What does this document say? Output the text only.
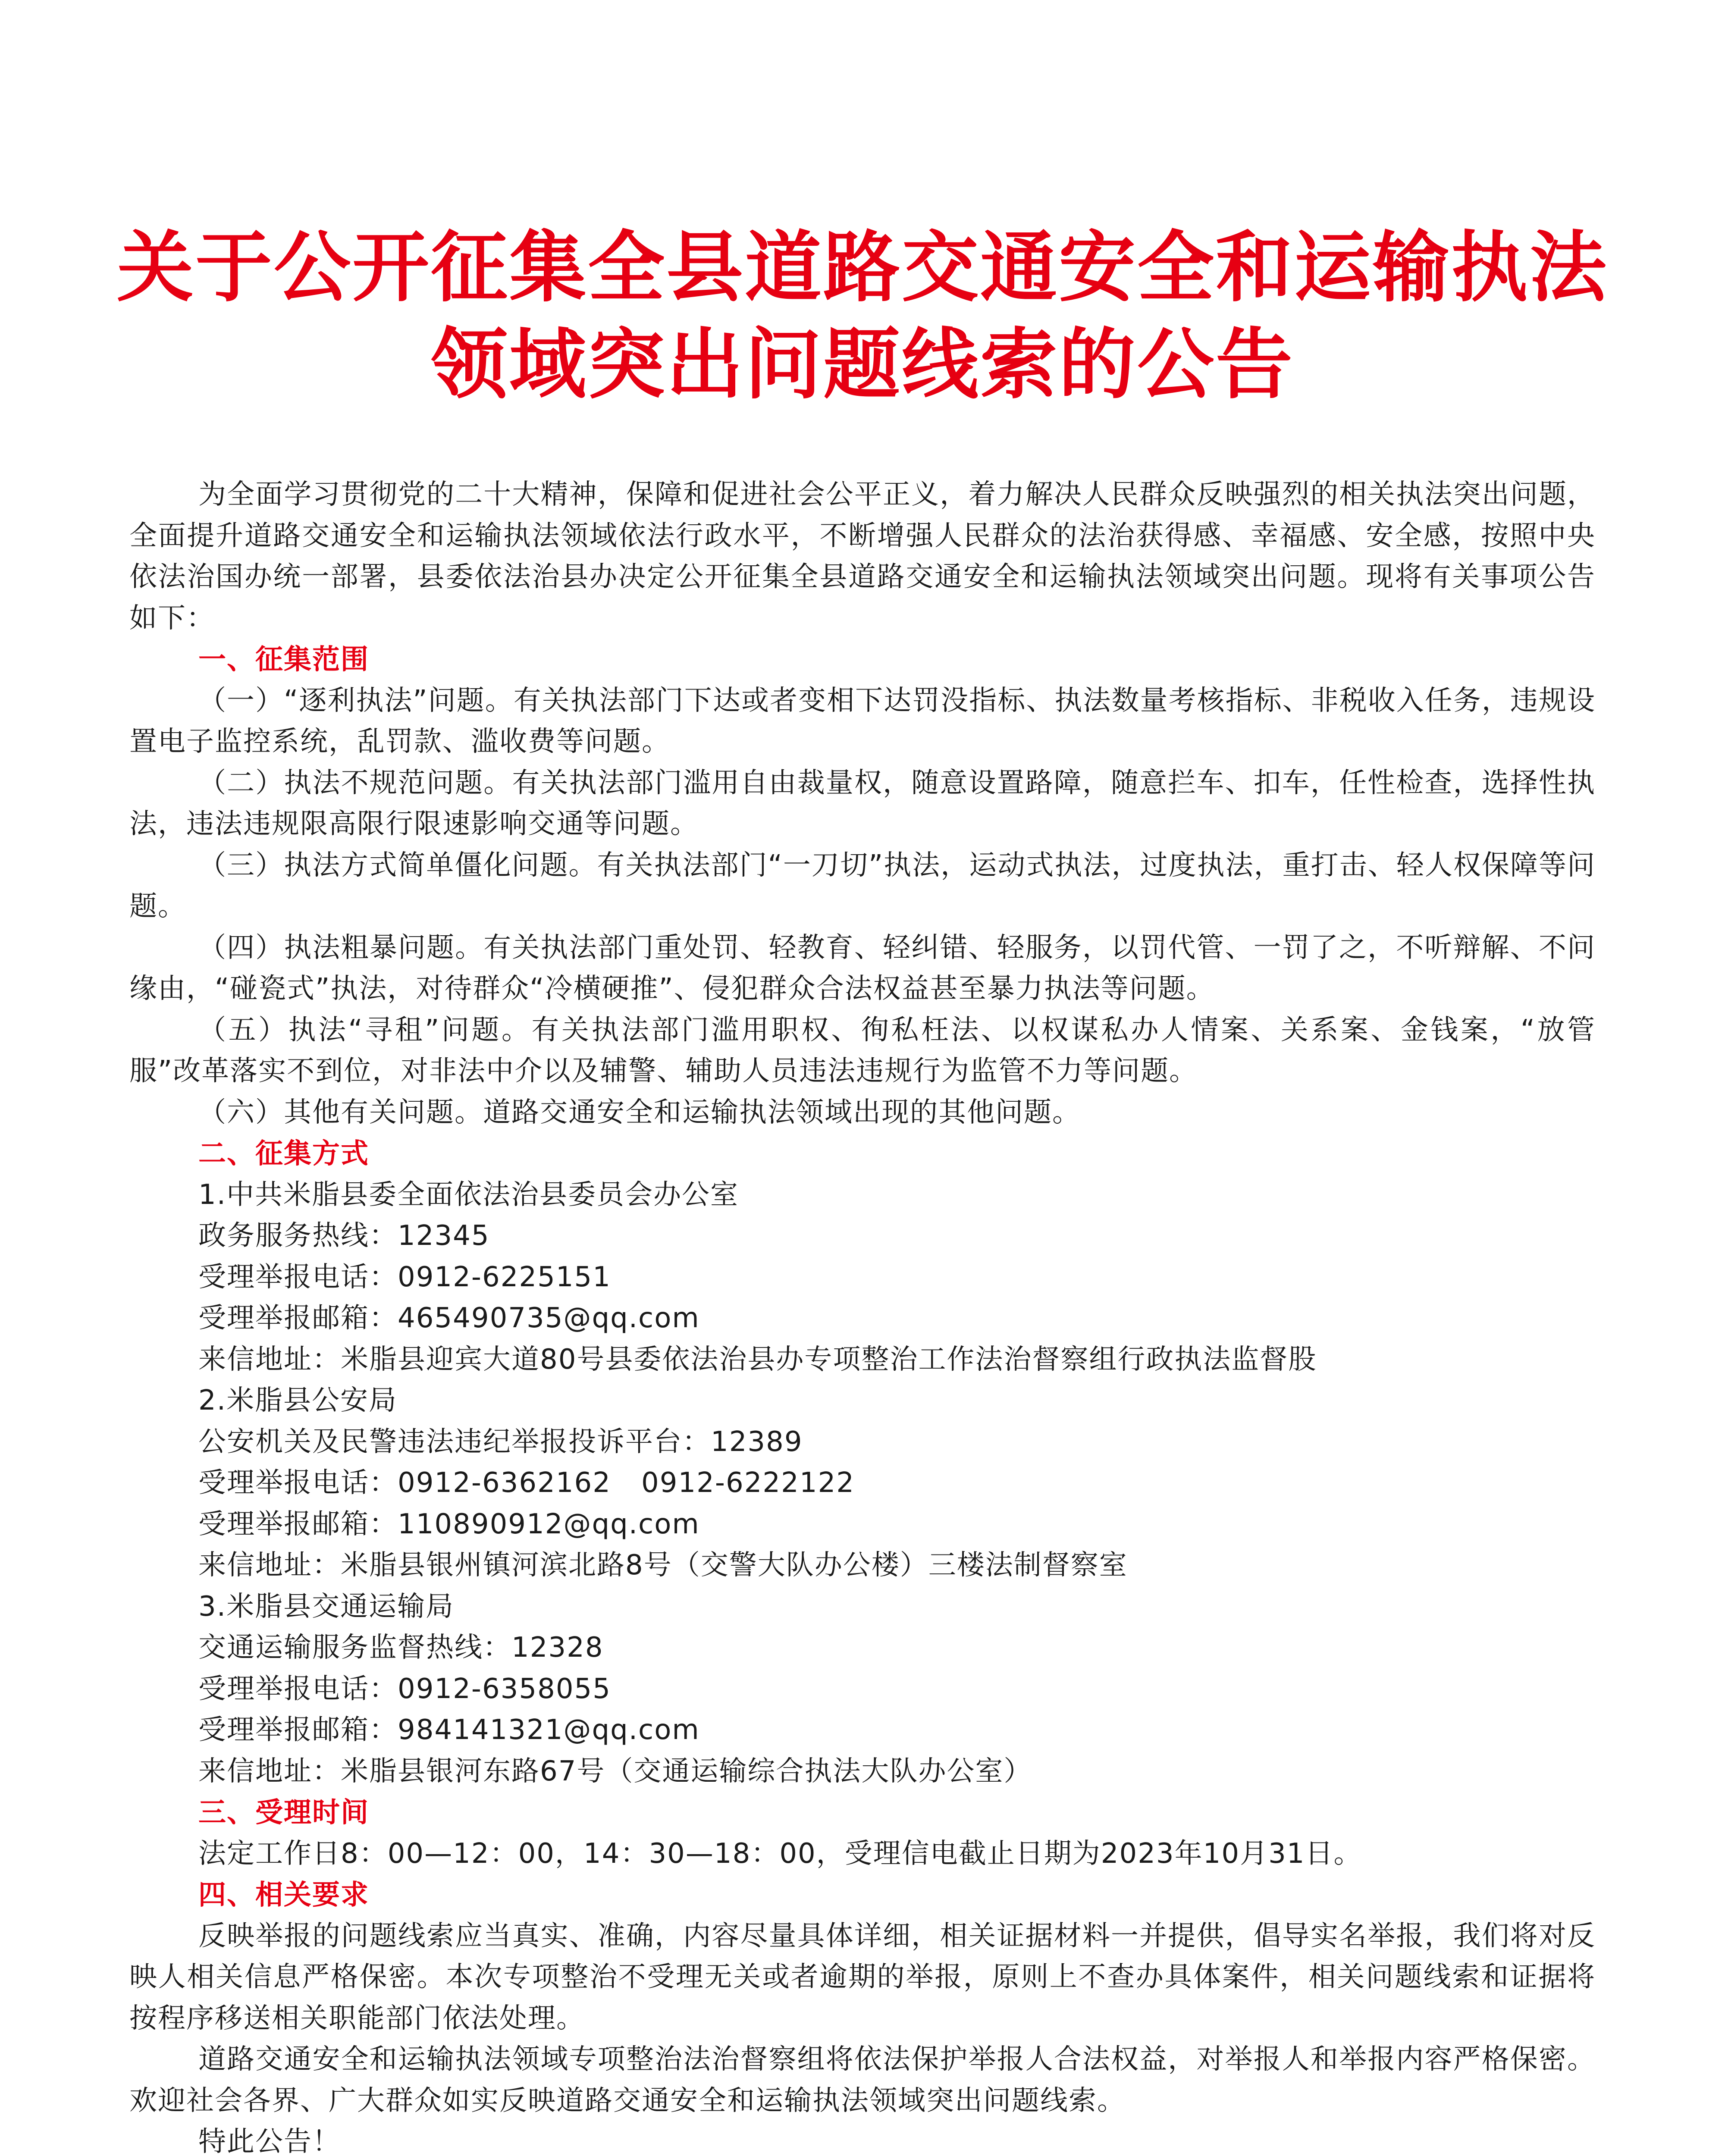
关于公开征集全县道路交通安全和运输执法
领域突出问题线索的公告

为全面学习贯彻党的二十大精神，保障和促进社会公平正义，着力解决人民群众反映强烈的相关执法突出问题，全面提升道路交通安全和运输执法领域依法行政水平，不断增强人民群众的法治获得感、幸福感、安全感，按照中央依法治国办统一部署，县委依法治县办决定公开征集全县道路交通安全和运输执法领域突出问题。现将有关事项公告如下：

一、征集范围

（一）“逐利执法”问题。有关执法部门下达或者变相下达罚没指标、执法数量考核指标、非税收入任务，违规设置电子监控系统，乱罚款、滥收费等问题。

（二）执法不规范问题。有关执法部门滥用自由裁量权，随意设置路障，随意拦车、扣车，任性检查，选择性执法，违法违规限高限行限速影响交通等问题。

（三）执法方式简单僵化问题。有关执法部门“一刀切”执法，运动式执法，过度执法，重打击、轻人权保障等问题。

（四）执法粗暴问题。有关执法部门重处罚、轻教育、轻纠错、轻服务，以罚代管、一罚了之，不听辩解、不问缘由，“碰瓷式”执法，对待群众“冷横硬推”、侵犯群众合法权益甚至暴力执法等问题。

（五）执法“寻租”问题。有关执法部门滥用职权、徇私枉法、以权谋私办人情案、关系案、金钱案，“放管服”改革落实不到位，对非法中介以及辅警、辅助人员违法违规行为监管不力等问题。

（六）其他有关问题。道路交通安全和运输执法领域出现的其他问题。

二、征集方式

1.中共米脂县委全面依法治县委员会办公室

政务服务热线：12345

受理举报电话：0912-6225151

受理举报邮箱：465490735@qq.com

来信地址：米脂县迎宾大道80号县委依法治县办专项整治工作法治督察组行政执法监督股

2.米脂县公安局

公安机关及民警违法违纪举报投诉平台：12389

受理举报电话：0912-6362162 0912-6222122

受理举报邮箱：110890912@qq.com

来信地址：米脂县银州镇河滨北路8号（交警大队办公楼）三楼法制督察室

3.米脂县交通运输局

交通运输服务监督热线：12328

受理举报电话：0912-6358055

受理举报邮箱：984141321@qq.com

来信地址：米脂县银河东路67号（交通运输综合执法大队办公室）

三、受理时间

法定工作日8：00—12：00，14：30—18：00，受理信电截止日期为2023年10月31日。

四、相关要求

反映举报的问题线索应当真实、准确，内容尽量具体详细，相关证据材料一并提供，倡导实名举报，我们将对反映人相关信息严格保密。本次专项整治不受理无关或者逾期的举报，原则上不查办具体案件，相关问题线索和证据将按程序移送相关职能部门依法处理。

道路交通安全和运输执法领域专项整治法治督察组将依法保护举报人合法权益，对举报人和举报内容严格保密。欢迎社会各界、广大群众如实反映道路交通安全和运输执法领域突出问题线索。

特此公告！
